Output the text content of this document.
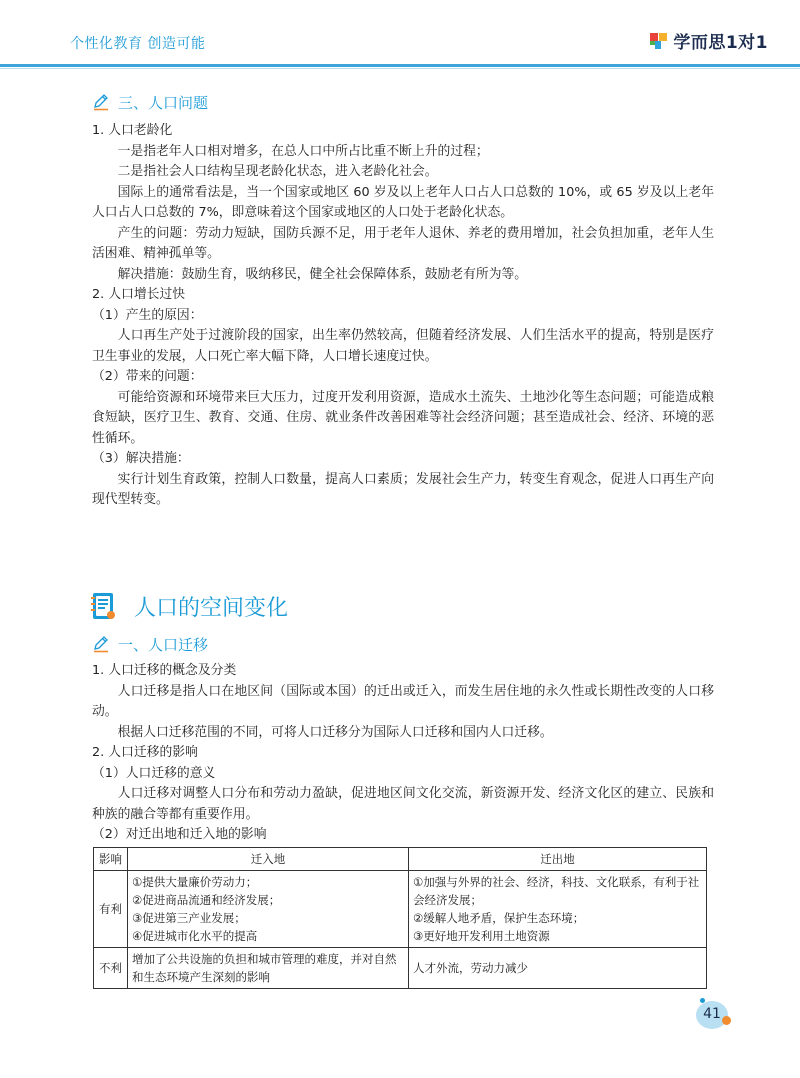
个性化教育 创造可能	学而思1对1
三、人口问题

1. 人口老龄化

一是指老年人口相对增多，在总人口中所占比重不断上升的过程；

二是指社会人口结构呈现老龄化状态，进入老龄化社会。

国际上的通常看法是，当一个国家或地区 60 岁及以上老年人口占人口总数的 10%，或 65 岁及以上老年人口占人口总数的 7%，即意味着这个国家或地区的人口处于老龄化状态。

产生的问题：劳动力短缺，国防兵源不足，用于老年人退休、养老的费用增加，社会负担加重，老年人生活困难、精神孤单等。

解决措施：鼓励生育，吸纳移民，健全社会保障体系，鼓励老有所为等。

2. 人口增长过快

（1）产生的原因：

人口再生产处于过渡阶段的国家，出生率仍然较高，但随着经济发展、人们生活水平的提高，特别是医疗卫生事业的发展，人口死亡率大幅下降，人口增长速度过快。

（2）带来的问题：

可能给资源和环境带来巨大压力，过度开发利用资源，造成水土流失、土地沙化等生态问题；可能造成粮食短缺，医疗卫生、教育、交通、住房、就业条件改善困难等社会经济问题；甚至造成社会、经济、环境的恶性循环。

（3）解决措施：

实行计划生育政策，控制人口数量，提高人口素质；发展社会生产力，转变生育观念，促进人口再生产向现代型转变。

人口的空间变化
一、人口迁移

1. 人口迁移的概念及分类

人口迁移是指人口在地区间（国际或本国）的迁出或迁入，而发生居住地的永久性或长期性改变的人口移动。

根据人口迁移范围的不同，可将人口迁移分为国际人口迁移和国内人口迁移。

2. 人口迁移的影响

（1）人口迁移的意义

人口迁移对调整人口分布和劳动力盈缺，促进地区间文化交流，新资源开发、经济文化区的建立、民族和种族的融合等都有重要作用。

（2）对迁出地和迁入地的影响

影响	迁入地	迁出地
有利	①提供大量廉价劳动力；
②促进商品流通和经济发展；
③促进第三产业发展；
④促进城市化水平的提高	①加强与外界的社会、经济，科技、文化联系，有利于社会经济发展；
②缓解人地矛盾，保护生态环境；
③更好地开发利用土地资源

不利	增加了公共设施的负担和城市管理的难度，并对自然和生态环境产生深刻的影响	人才外流，劳动力减少
41
